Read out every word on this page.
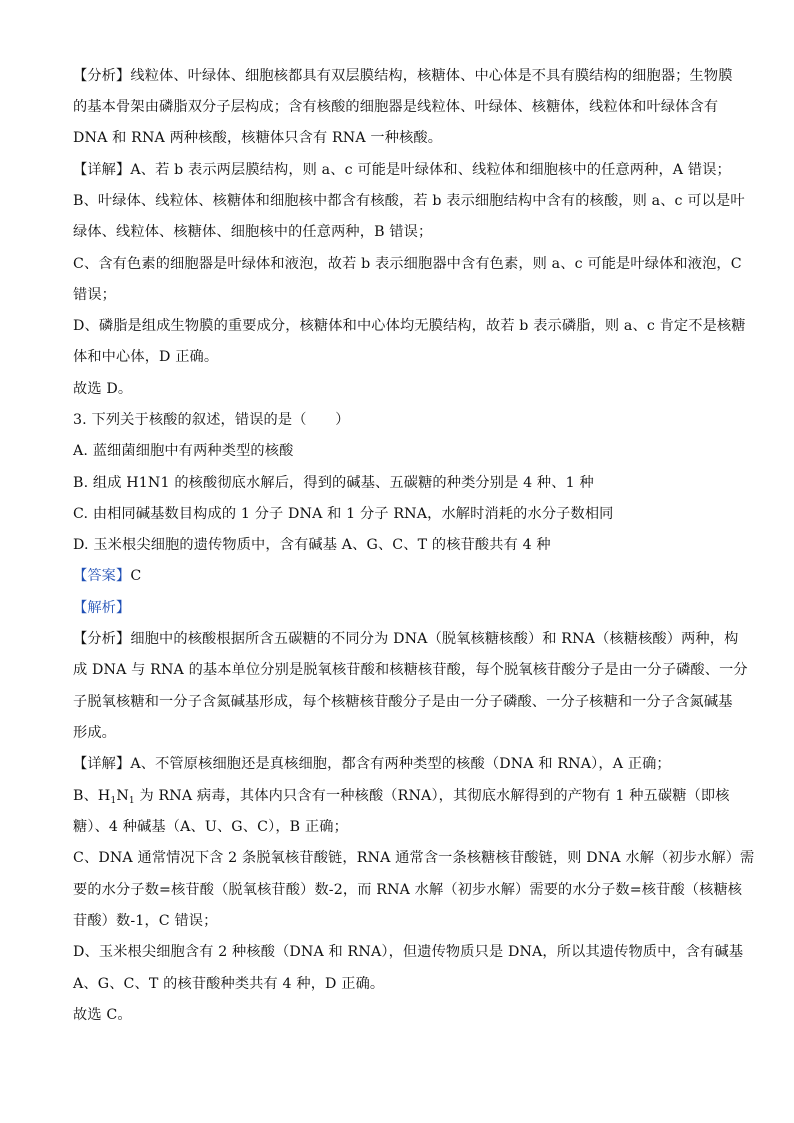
【分析】线粒体、叶绿体、细胞核都具有双层膜结构，核糖体、中心体是不具有膜结构的细胞器；生物膜
的基本骨架由磷脂双分子层构成；含有核酸的细胞器是线粒体、叶绿体、核糖体，线粒体和叶绿体含有
DNA 和 RNA 两种核酸，核糖体只含有 RNA 一种核酸。
【详解】A、若 b 表示两层膜结构，则 a、c 可能是叶绿体和、线粒体和细胞核中的任意两种，A 错误；
B、叶绿体、线粒体、核糖体和细胞核中都含有核酸，若 b 表示细胞结构中含有的核酸，则 a、c 可以是叶
绿体、线粒体、核糖体、细胞核中的任意两种，B 错误；
C、含有色素的细胞器是叶绿体和液泡，故若 b 表示细胞器中含有色素，则 a、c 可能是叶绿体和液泡，C
错误；
D、磷脂是组成生物膜的重要成分，核糖体和中心体均无膜结构，故若 b 表示磷脂，则 a、c 肯定不是核糖
体和中心体，D 正确。
故选 D。
3. 下列关于核酸的叙述，错误的是（　　）
A. 蓝细菌细胞中有两种类型的核酸
B. 组成 H1N1 的核酸彻底水解后，得到的碱基、五碳糖的种类分别是 4 种、1 种
C. 由相同碱基数目构成的 1 分子 DNA 和 1 分子 RNA，水解时消耗的水分子数相同
D. 玉米根尖细胞的遗传物质中，含有碱基 A、G、C、T 的核苷酸共有 4 种
【答案】C
【解析】
【分析】细胞中的核酸根据所含五碳糖的不同分为 DNA（脱氧核糖核酸）和 RNA（核糖核酸）两种，构
成 DNA 与 RNA 的基本单位分别是脱氧核苷酸和核糖核苷酸，每个脱氧核苷酸分子是由一分子磷酸、一分
子脱氧核糖和一分子含氮碱基形成，每个核糖核苷酸分子是由一分子磷酸、一分子核糖和一分子含氮碱基
形成。
【详解】A、不管原核细胞还是真核细胞，都含有两种类型的核酸（DNA 和 RNA），A 正确；
B、$H_1N_1$ 为 RNA 病毒，其体内只含有一种核酸（RNA），其彻底水解得到的产物有 1 种五碳糖（即核
糖）、4 种碱基（A、U、G、C），B 正确；
C、DNA 通常情况下含 2 条脱氧核苷酸链，RNA 通常含一条核糖核苷酸链，则 DNA 水解（初步水解）需
要的水分子数=核苷酸（脱氧核苷酸）数-2，而 RNA 水解（初步水解）需要的水分子数=核苷酸（核糖核
苷酸）数-1，C 错误；
D、玉米根尖细胞含有 2 种核酸（DNA 和 RNA），但遗传物质只是 DNA，所以其遗传物质中，含有碱基
A、G、C、T 的核苷酸种类共有 4 种，D 正确。
故选 C。
